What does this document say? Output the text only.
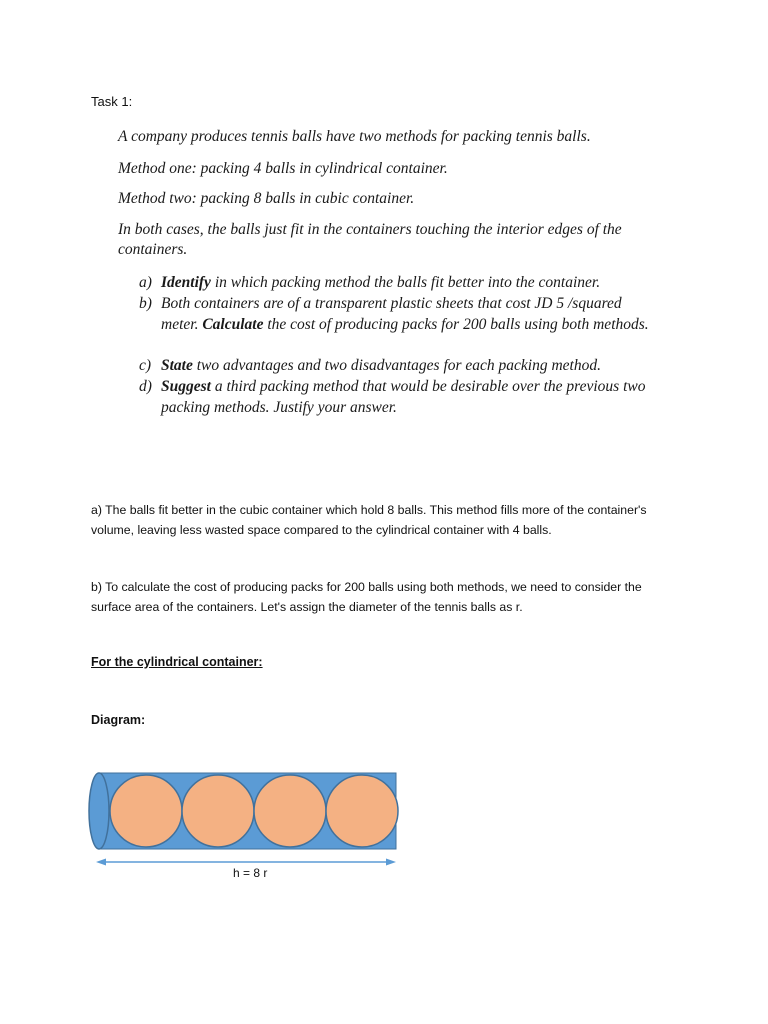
Task 1:
A company produces tennis balls have two methods for packing tennis balls.
Method one: packing 4 balls in cylindrical container.
Method two: packing 8 balls in cubic container.
In both cases, the balls just fit in the containers touching the interior edges of the containers.
a) Identify in which packing method the balls fit better into the container.
b) Both containers are of a transparent plastic sheets that cost JD 5 /squared meter. Calculate the cost of producing packs for 200 balls using both methods.
c) State two advantages and two disadvantages for each packing method.
d) Suggest a third packing method that would be desirable over the previous two packing methods. Justify your answer.
a) The balls fit better in the cubic container which hold 8 balls. This method fills more of the container's volume, leaving less wasted space compared to the cylindrical container with 4 balls.
b) To calculate the cost of producing packs for 200 balls using both methods, we need to consider the surface area of the containers. Let's assign the diameter of the tennis balls as r.
For the cylindrical container:
Diagram:
h = 8 r
